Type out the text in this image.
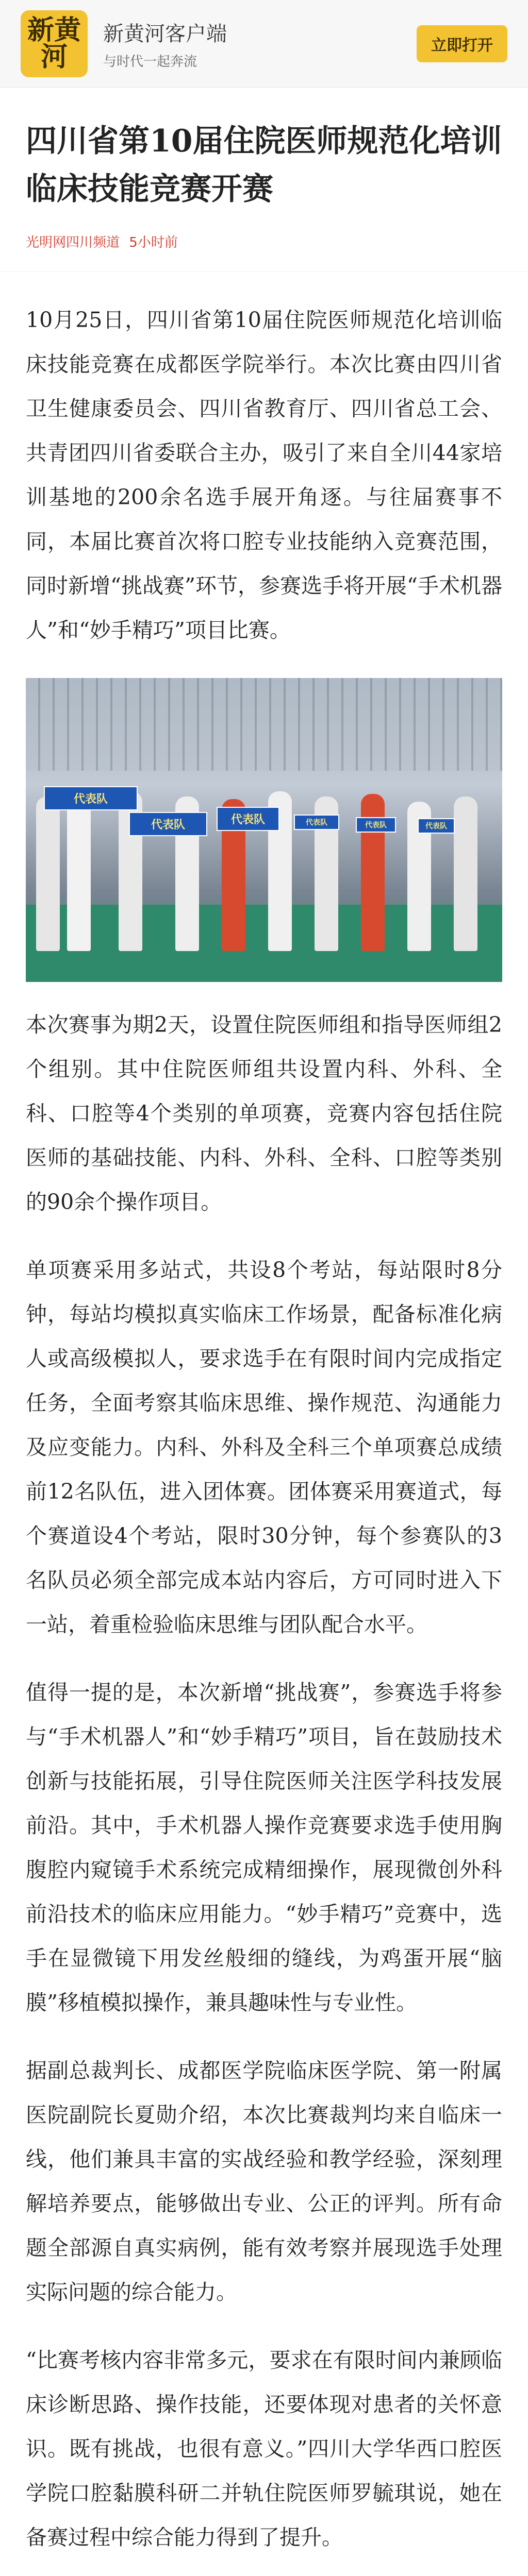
新黄河
新黄河客户端
与时代一起奔流
立即打开
四川省第10届住院医师规范化培训临床技能竞赛开赛
光明网四川频道 5小时前
10月25日，四川省第10届住院医师规范化培训临床技能竞赛在成都医学院举行。本次比赛由四川省卫生健康委员会、四川省教育厅、四川省总工会、共青团四川省委联合主办，吸引了来自全川44家培训基地的200余名选手展开角逐。与往届赛事不同，本届比赛首次将口腔专业技能纳入竞赛范围，同时新增“挑战赛”环节，参赛选手将开展“手术机器人”和“妙手精巧”项目比赛。
代表队
代表队	代表队	代表队	代表队	代表队
本次赛事为期2天，设置住院医师组和指导医师组2个组别。其中住院医师组共设置内科、外科、全科、口腔等4个类别的单项赛，竞赛内容包括住院医师的基础技能、内科、外科、全科、口腔等类别的90余个操作项目。
单项赛采用多站式，共设8个考站，每站限时8分钟，每站均模拟真实临床工作场景，配备标准化病人或高级模拟人，要求选手在有限时间内完成指定任务，全面考察其临床思维、操作规范、沟通能力及应变能力。内科、外科及全科三个单项赛总成绩前12名队伍，进入团体赛。团体赛采用赛道式，每个赛道设4个考站，限时30分钟，每个参赛队的3名队员必须全部完成本站内容后，方可同时进入下一站，着重检验临床思维与团队配合水平。
值得一提的是，本次新增“挑战赛”，参赛选手将参与“手术机器人”和“妙手精巧”项目，旨在鼓励技术创新与技能拓展，引导住院医师关注医学科技发展前沿。其中，手术机器人操作竞赛要求选手使用胸腹腔内窥镜手术系统完成精细操作，展现微创外科前沿技术的临床应用能力。“妙手精巧”竞赛中，选手在显微镜下用发丝般细的缝线，为鸡蛋开展“脑膜”移植模拟操作，兼具趣味性与专业性。
据副总裁判长、成都医学院临床医学院、第一附属医院副院长夏勋介绍，本次比赛裁判均来自临床一线，他们兼具丰富的实战经验和教学经验，深刻理解培养要点，能够做出专业、公正的评判。所有命题全部源自真实病例，能有效考察并展现选手处理实际问题的综合能力。
“比赛考核内容非常多元，要求在有限时间内兼顾临床诊断思路、操作技能，还要体现对患者的关怀意识。既有挑战，也很有意义。”四川大学华西口腔医学院口腔黏膜科研二并轨住院医师罗毓琪说，她在备赛过程中综合能力得到了提升。
